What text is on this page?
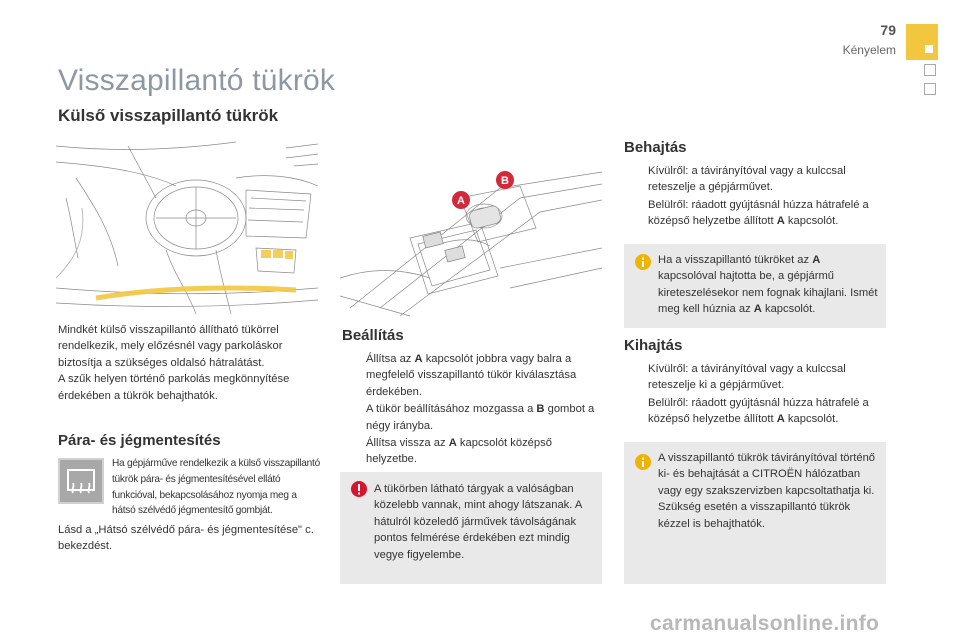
79
Kényelem
Visszapillantó tükrök
Külső visszapillantó tükrök
B
A
Mindkét külső visszapillantó állítható tükörrel rendelkezik, mely előzésnél vagy parkoláskor biztosítja a szükséges oldalsó hátralátást.
A szűk helyen történő parkolás megkönnyítése érdekében a tükrök behajthatók.
Pára- és jégmentesítés
Ha gépjárműve rendelkezik a külső visszapillantó tükrök pára- és jégmentesítésével ellátó funkcióval, bekapcsolásához nyomja meg a hátsó szélvédő jégmentesítő gombját.
Lásd a „Hátsó szélvédő pára- és jégmentesítése" c. bekezdést.
Beállítás
Állítsa az A kapcsolót jobbra vagy balra a megfelelő visszapillantó tükör kiválasztása érdekében.
A tükör beállításához mozgassa a B gombot a négy irányba.
Állítsa vissza az A kapcsolót középső helyzetbe.
A tükörben látható tárgyak a valóságban közelebb vannak, mint ahogy látszanak. A hátulról közeledő járművek távolságának pontos felmérése érdekében ezt mindig vegye figyelembe.
Behajtás
Kívülről: a távirányítóval vagy a kulccsal reteszelje a gépjárművet.
Belülről: ráadott gyújtásnál húzza hátrafelé a középső helyzetbe állított A kapcsolót.
Ha a visszapillantó tükröket az A kapcsolóval hajtotta be, a gépjármű kireteszelésekor nem fognak kihajlani. Ismét meg kell húznia az A kapcsolót.
Kihajtás
Kívülről: a távirányítóval vagy a kulccsal reteszelje ki a gépjárművet.
Belülről: ráadott gyújtásnál húzza hátrafelé a középső helyzetbe állított A kapcsolót.
A visszapillantó tükrök távirányítóval történő ki- és behajtását a CITROËN hálózatban vagy egy szakszervizben kapcsoltathatja ki. Szükség esetén a visszapillantó tükrök kézzel is behajthatók.
carmanualsonline.info
